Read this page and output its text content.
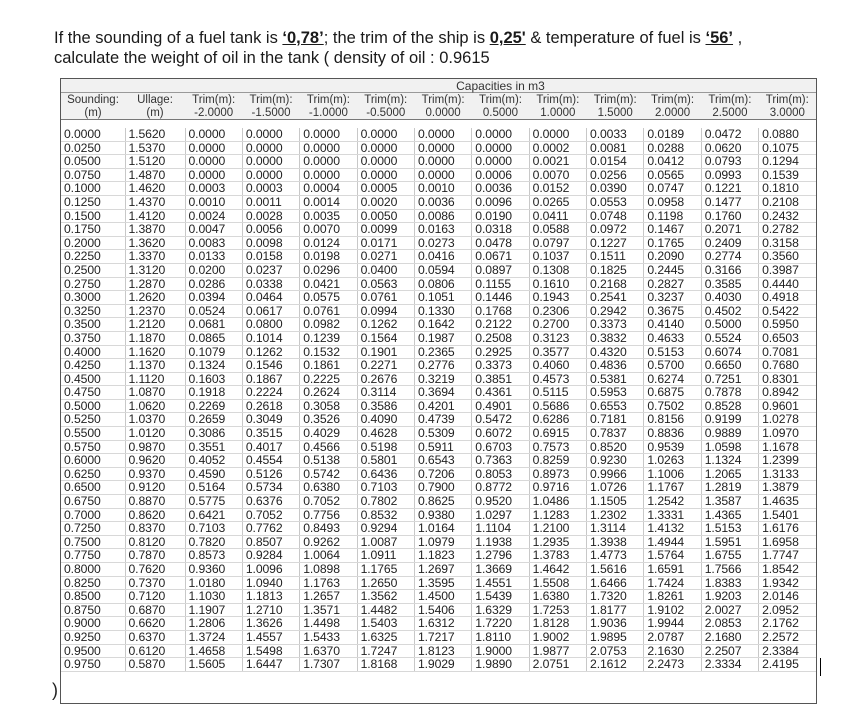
If the sounding of a fuel tank is ‘0,78’; the trim of the ship is 0,25' & temperature of fuel is ‘56’ ,
calculate the weight of oil in the tank ( density of oil : 0.9615
		Capacities in m3										
Sounding:	Ullage:	Trim(m):	Trim(m):	Trim(m):	Trim(m):	Trim(m):	Trim(m):	Trim(m):	Trim(m):	Trim(m):	Trim(m):	Trim(m):
(m)	(m)	-2.0000	-1.5000	-1.0000	-0.5000	0.0000	0.5000	1.0000	1.5000	2.0000	2.5000	3.0000

0.0000	1.5620	0.0000	0.0000	0.0000	0.0000	0.0000	0.0000	0.0000	0.0033	0.0189	0.0472	0.0880
0.0250	1.5370	0.0000	0.0000	0.0000	0.0000	0.0000	0.0000	0.0002	0.0081	0.0288	0.0620	0.1075
0.0500	1.5120	0.0000	0.0000	0.0000	0.0000	0.0000	0.0000	0.0021	0.0154	0.0412	0.0793	0.1294
0.0750	1.4870	0.0000	0.0000	0.0000	0.0000	0.0000	0.0006	0.0070	0.0256	0.0565	0.0993	0.1539
0.1000	1.4620	0.0003	0.0003	0.0004	0.0005	0.0010	0.0036	0.0152	0.0390	0.0747	0.1221	0.1810
0.1250	1.4370	0.0010	0.0011	0.0014	0.0020	0.0036	0.0096	0.0265	0.0553	0.0958	0.1477	0.2108
0.1500	1.4120	0.0024	0.0028	0.0035	0.0050	0.0086	0.0190	0.0411	0.0748	0.1198	0.1760	0.2432
0.1750	1.3870	0.0047	0.0056	0.0070	0.0099	0.0163	0.0318	0.0588	0.0972	0.1467	0.2071	0.2782
0.2000	1.3620	0.0083	0.0098	0.0124	0.0171	0.0273	0.0478	0.0797	0.1227	0.1765	0.2409	0.3158
0.2250	1.3370	0.0133	0.0158	0.0198	0.0271	0.0416	0.0671	0.1037	0.1511	0.2090	0.2774	0.3560
0.2500	1.3120	0.0200	0.0237	0.0296	0.0400	0.0594	0.0897	0.1308	0.1825	0.2445	0.3166	0.3987
0.2750	1.2870	0.0286	0.0338	0.0421	0.0563	0.0806	0.1155	0.1610	0.2168	0.2827	0.3585	0.4440
0.3000	1.2620	0.0394	0.0464	0.0575	0.0761	0.1051	0.1446	0.1943	0.2541	0.3237	0.4030	0.4918
0.3250	1.2370	0.0524	0.0617	0.0761	0.0994	0.1330	0.1768	0.2306	0.2942	0.3675	0.4502	0.5422
0.3500	1.2120	0.0681	0.0800	0.0982	0.1262	0.1642	0.2122	0.2700	0.3373	0.4140	0.5000	0.5950
0.3750	1.1870	0.0865	0.1014	0.1239	0.1564	0.1987	0.2508	0.3123	0.3832	0.4633	0.5524	0.6503
0.4000	1.1620	0.1079	0.1262	0.1532	0.1901	0.2365	0.2925	0.3577	0.4320	0.5153	0.6074	0.7081
0.4250	1.1370	0.1324	0.1546	0.1861	0.2271	0.2776	0.3373	0.4060	0.4836	0.5700	0.6650	0.7680
0.4500	1.1120	0.1603	0.1867	0.2225	0.2676	0.3219	0.3851	0.4573	0.5381	0.6274	0.7251	0.8301
0.4750	1.0870	0.1918	0.2224	0.2624	0.3114	0.3694	0.4361	0.5115	0.5953	0.6875	0.7878	0.8942
0.5000	1.0620	0.2269	0.2618	0.3058	0.3586	0.4201	0.4901	0.5686	0.6553	0.7502	0.8528	0.9601
0.5250	1.0370	0.2659	0.3049	0.3526	0.4090	0.4739	0.5472	0.6286	0.7181	0.8156	0.9199	1.0278
0.5500	1.0120	0.3086	0.3515	0.4029	0.4628	0.5309	0.6072	0.6915	0.7837	0.8836	0.9889	1.0970
0.5750	0.9870	0.3551	0.4017	0.4566	0.5198	0.5911	0.6703	0.7573	0.8520	0.9539	1.0598	1.1678
0.6000	0.9620	0.4052	0.4554	0.5138	0.5801	0.6543	0.7363	0.8259	0.9230	1.0263	1.1324	1.2399
0.6250	0.9370	0.4590	0.5126	0.5742	0.6436	0.7206	0.8053	0.8973	0.9966	1.1006	1.2065	1.3133
0.6500	0.9120	0.5164	0.5734	0.6380	0.7103	0.7900	0.8772	0.9716	1.0726	1.1767	1.2819	1.3879
0.6750	0.8870	0.5775	0.6376	0.7052	0.7802	0.8625	0.9520	1.0486	1.1505	1.2542	1.3587	1.4635
0.7000	0.8620	0.6421	0.7052	0.7756	0.8532	0.9380	1.0297	1.1283	1.2302	1.3331	1.4365	1.5401
0.7250	0.8370	0.7103	0.7762	0.8493	0.9294	1.0164	1.1104	1.2100	1.3114	1.4132	1.5153	1.6176
0.7500	0.8120	0.7820	0.8507	0.9262	1.0087	1.0979	1.1938	1.2935	1.3938	1.4944	1.5951	1.6958
0.7750	0.7870	0.8573	0.9284	1.0064	1.0911	1.1823	1.2796	1.3783	1.4773	1.5764	1.6755	1.7747
0.8000	0.7620	0.9360	1.0096	1.0898	1.1765	1.2697	1.3669	1.4642	1.5616	1.6591	1.7566	1.8542
0.8250	0.7370	1.0180	1.0940	1.1763	1.2650	1.3595	1.4551	1.5508	1.6466	1.7424	1.8383	1.9342
0.8500	0.7120	1.1030	1.1813	1.2657	1.3562	1.4500	1.5439	1.6380	1.7320	1.8261	1.9203	2.0146
0.8750	0.6870	1.1907	1.2710	1.3571	1.4482	1.5406	1.6329	1.7253	1.8177	1.9102	2.0027	2.0952
0.9000	0.6620	1.2806	1.3626	1.4498	1.5403	1.6312	1.7220	1.8128	1.9036	1.9944	2.0853	2.1762
0.9250	0.6370	1.3724	1.4557	1.5433	1.6325	1.7217	1.8110	1.9002	1.9895	2.0787	2.1680	2.2572
0.9500	0.6120	1.4658	1.5498	1.6370	1.7247	1.8123	1.9000	1.9877	2.0753	2.1630	2.2507	2.3384
0.9750	0.5870	1.5605	1.6447	1.7307	1.8168	1.9029	1.9890	2.0751	2.1612	2.2473	2.3334	2.4195
)
